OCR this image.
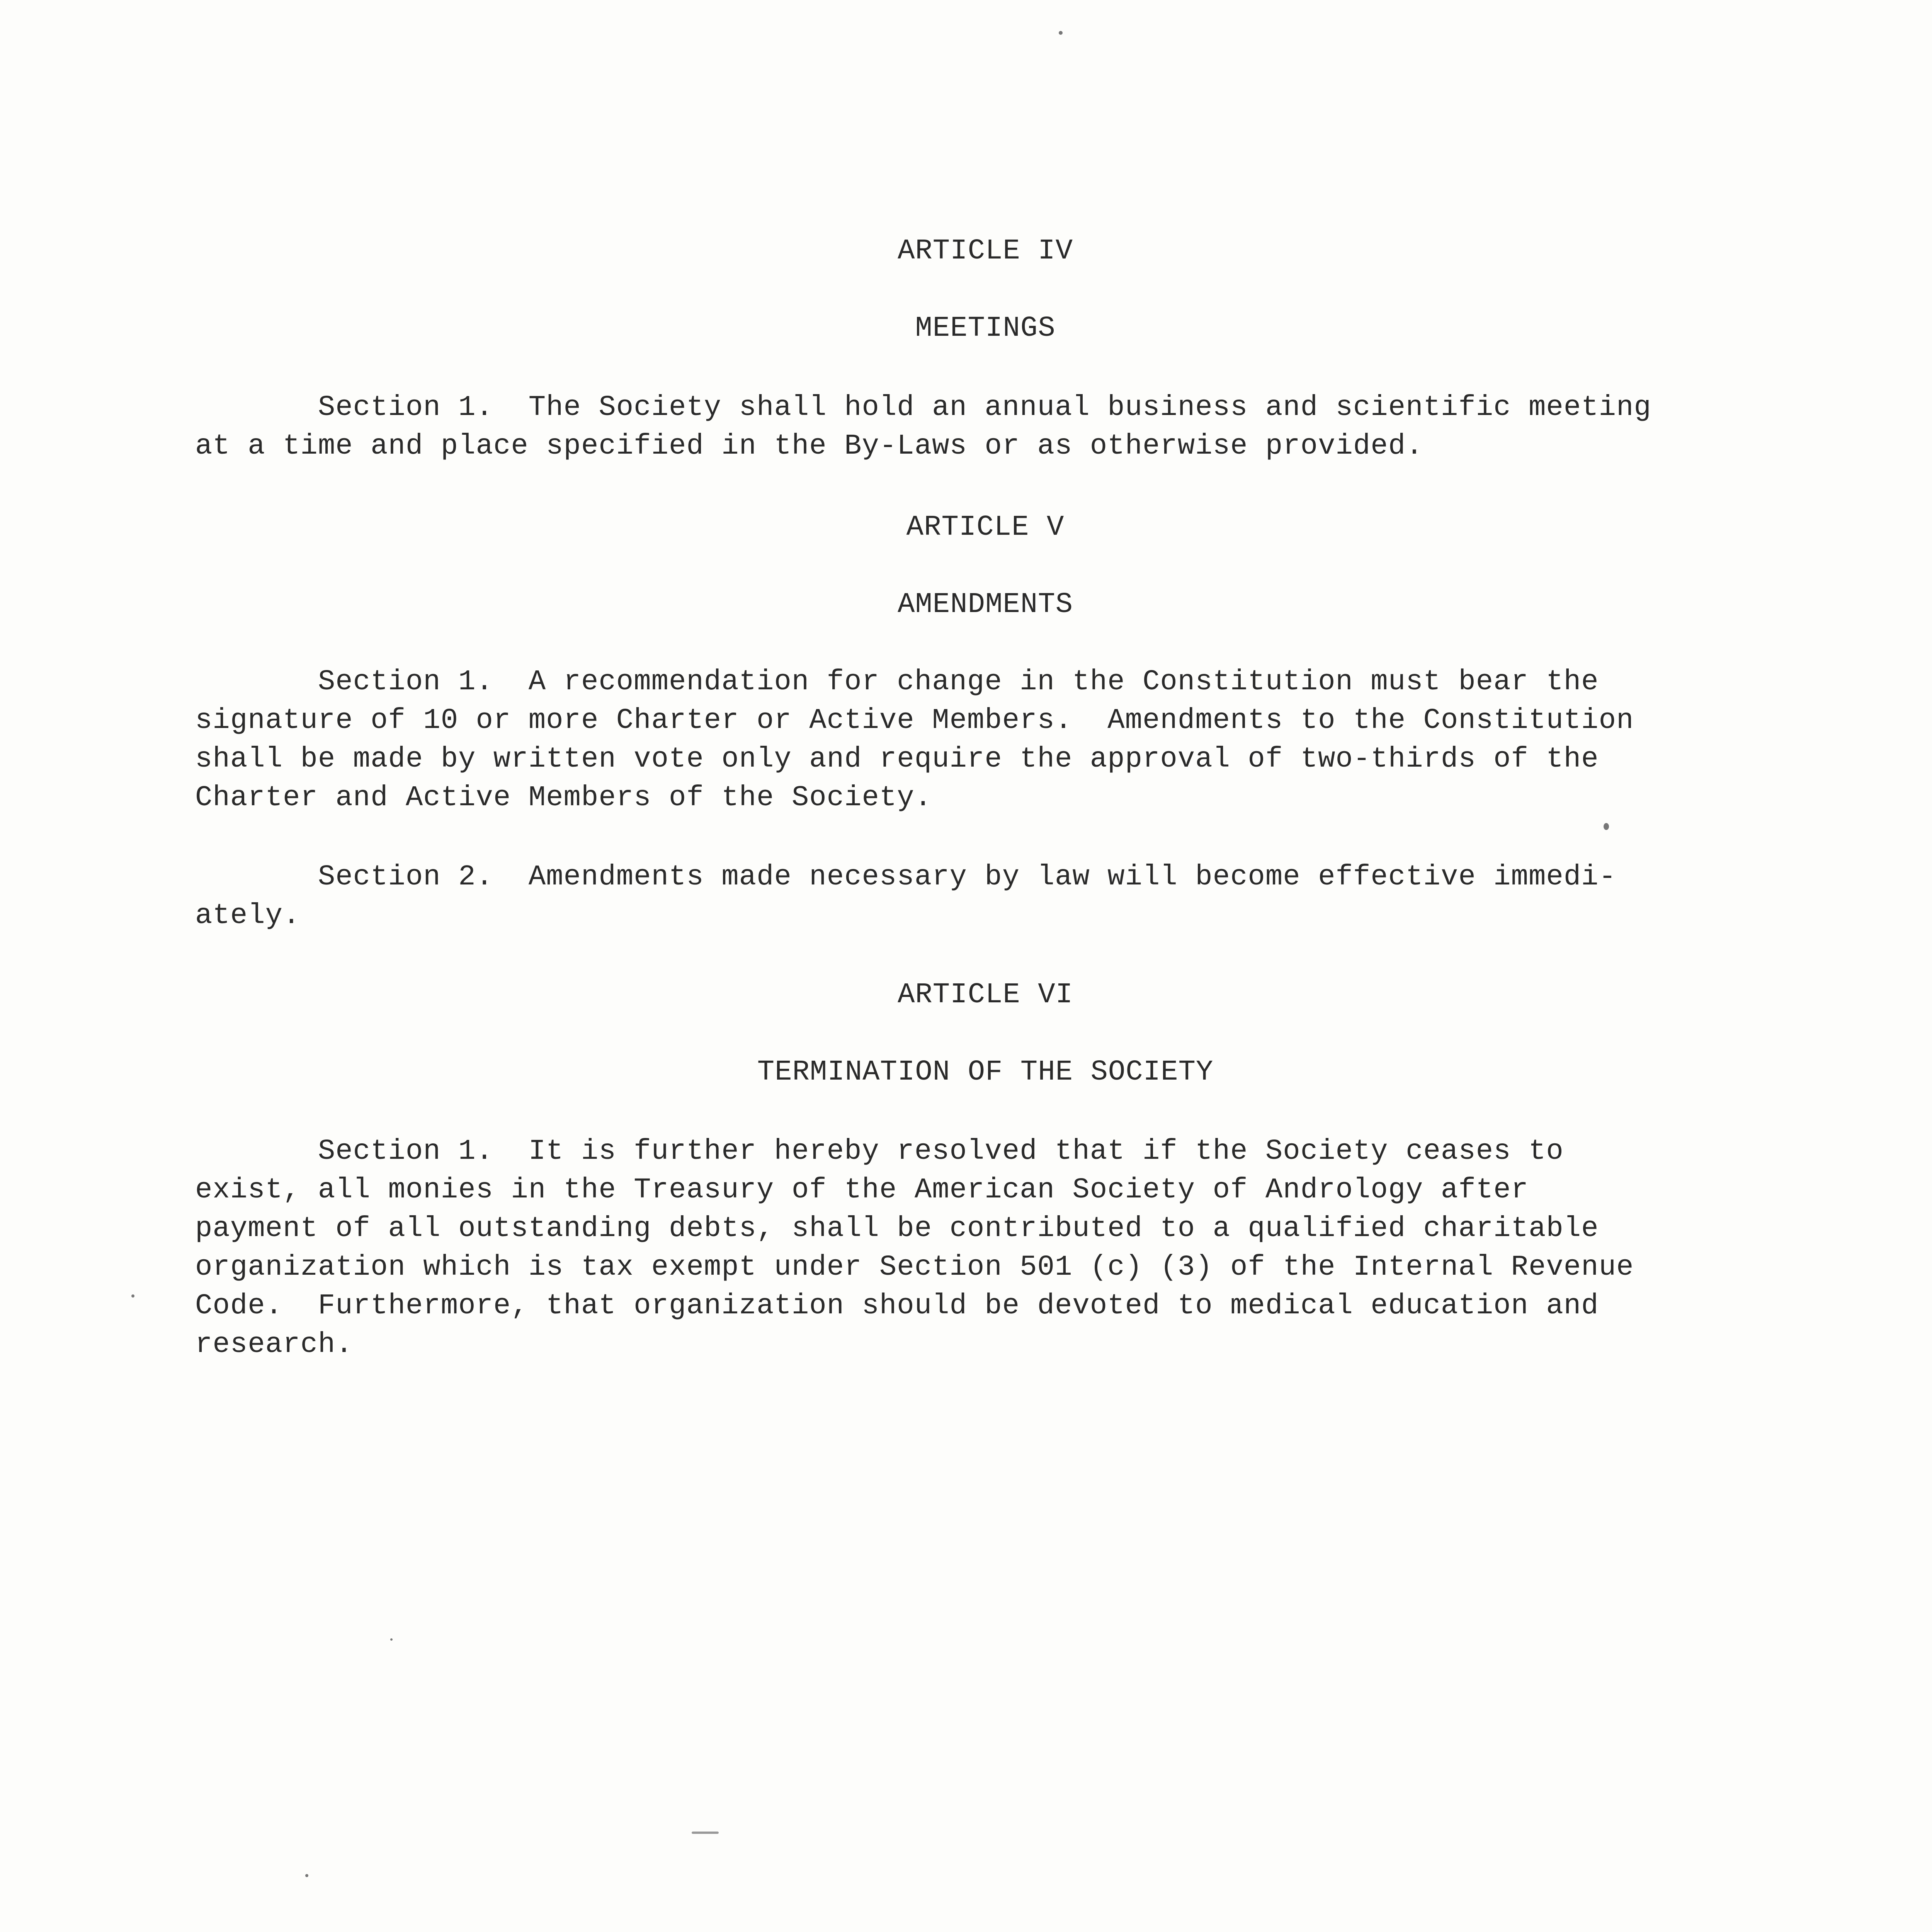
ARTICLE IV
MEETINGS
Section 1.  The Society shall hold an annual business and scientific meeting
at a time and place specified in the By-Laws or as otherwise provided.
ARTICLE V
AMENDMENTS
Section 1.  A recommendation for change in the Constitution must bear the
signature of 10 or more Charter or Active Members.  Amendments to the Constitution
shall be made by written vote only and require the approval of two-thirds of the
Charter and Active Members of the Society.
Section 2.  Amendments made necessary by law will become effective immedi-
ately.
ARTICLE VI
TERMINATION OF THE SOCIETY
Section 1.  It is further hereby resolved that if the Society ceases to
exist, all monies in the Treasury of the American Society of Andrology after
payment of all outstanding debts, shall be contributed to a qualified charitable
organization which is tax exempt under Section 501 (c) (3) of the Internal Revenue
Code.  Furthermore, that organization should be devoted to medical education and
research.
